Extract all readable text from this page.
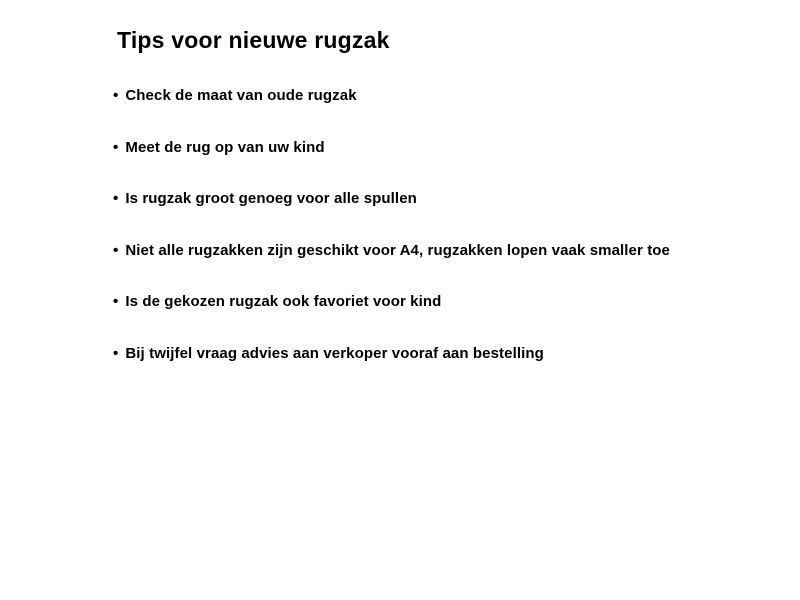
Tips voor nieuwe rugzak
• Check de maat van oude rugzak
• Meet de rug op van uw kind
• Is rugzak groot genoeg voor alle spullen
• Niet alle rugzakken zijn geschikt voor A4, rugzakken lopen vaak smaller toe
• Is de gekozen rugzak ook favoriet voor kind
• Bij twijfel vraag advies aan verkoper vooraf aan bestelling
